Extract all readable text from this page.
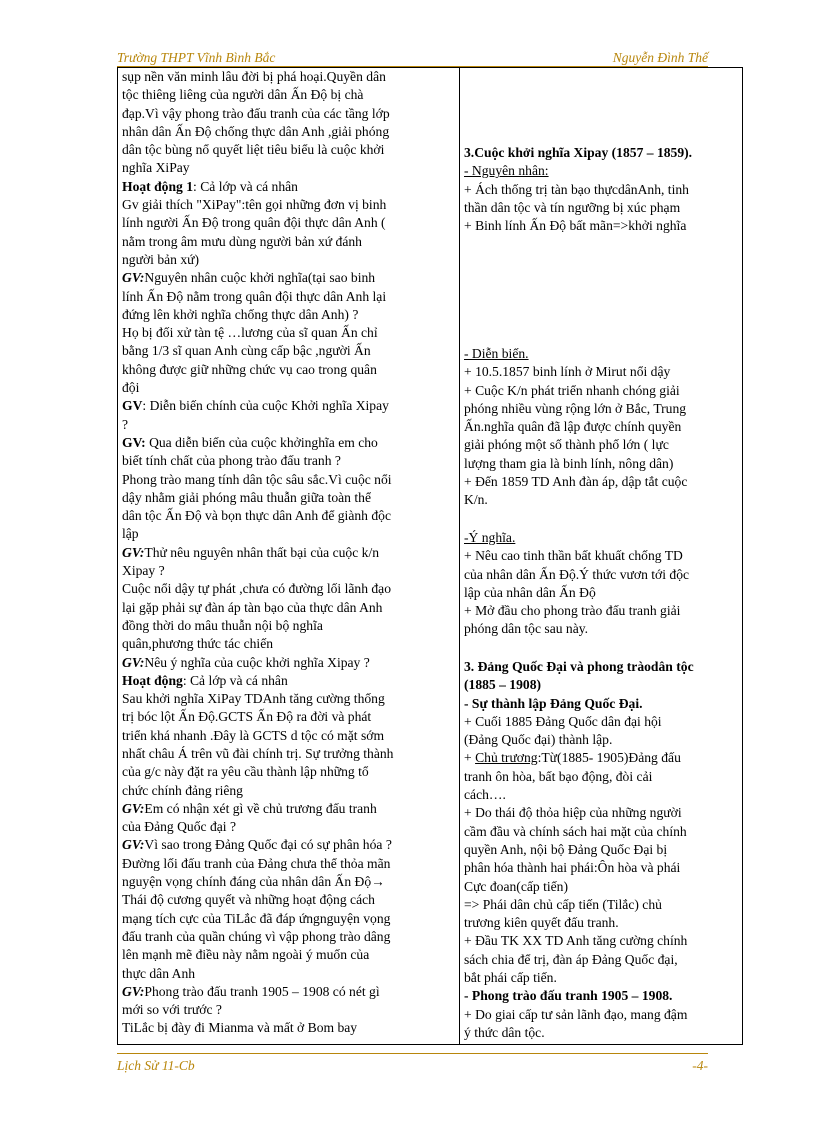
Trường THPT Vĩnh Bình Bắc	Nguyễn Đình Thế
sụp nền văn minh lâu đời bị phá hoại.Quyền dân
tộc thiêng liêng của người dân Ấn Độ bị chà
đạp.Vì vậy phong trào đấu tranh của các tầng lớp
nhân dân Ấn Độ chống thực dân Anh ,giải phóng
dân tộc bùng nổ quyết liệt tiêu biểu là cuộc khởi
nghĩa XiPay
Hoạt động 1: Cả lớp và cá nhân
Gv giải thích "XiPay":tên gọi những đơn vị binh
lính người Ấn Độ trong quân đội thực dân Anh (
nằm trong âm mưu dùng người bản xứ đánh
người bản xứ)
GV:Nguyên nhân cuộc khởi nghĩa(tại sao binh
lính Ấn Độ nằm trong quân đội thực dân Anh lại
đứng lên khởi nghĩa chống thực dân Anh) ?
Họ bị đối xử tàn tệ …lương của sĩ quan Ấn chỉ
bằng 1/3 sĩ quan Anh cùng cấp bậc ,người Ấn
không được giữ những chức vụ cao trong quân
đội
GV: Diễn biến chính của cuộc Khởi nghĩa Xipay
?
GV: Qua diễn biến của cuộc khởinghĩa em cho
biết tính chất của phong trào đấu tranh ?
Phong trào mang tính dân tộc sâu sắc.Vì cuộc nổi
dậy nhằm giải phóng mâu thuẫn giữa toàn thể
dân tộc Ấn Độ và bọn thực dân Anh để giành độc
lập
GV:Thử nêu nguyên nhân thất bại của cuộc k/n
Xipay ?
Cuộc nổi dậy tự phát ,chưa có đường lối lãnh đạo
lại gặp phải sự đàn áp tàn bạo của thực dân Anh
đồng thời do mâu thuẫn nội bộ nghĩa
quân,phương thức tác chiến
GV:Nêu ý nghĩa của cuộc khởi nghĩa Xipay ?
Hoạt động: Cả lớp và cá nhân
Sau khởi nghĩa XiPay TDAnh tăng cường thống
trị bóc lột Ấn Độ.GCTS Ấn Độ ra đời và phát
triển khá nhanh .Đây là GCTS d tộc có mặt sớm
nhất châu Á trên vũ đài chính trị. Sự trưởng thành
của g/c này đặt ra yêu cầu thành lập những tổ
chức chính đảng riêng
GV:Em có nhận xét gì về chủ trương đấu tranh
của Đảng Quốc đại ?
GV:Vì sao trong Đảng Quốc đại có sự phân hóa ?
Đường lối đấu tranh của Đảng chưa thể thỏa mãn
nguyện vọng chính đáng của nhân dân Ấn Độ→
Thái độ cương quyết và những hoạt động cách
mạng tích cực của TiLắc đã đáp ứngnguyện vọng
đấu tranh của quần chúng vì vập phong trào dâng
lên mạnh mẽ điều này nằm ngoài ý muốn của
thực dân Anh
GV:Phong trào đấu tranh 1905 – 1908 có nét gì
mới so với trước ?
TiLắc bị đày đi Mianma và mất ở Bom bay
3.Cuộc khởi nghĩa Xipay (1857 – 1859).
- Nguyên nhân:
+ Ách thống trị tàn bạo thựcdânAnh, tinh
thần dân tộc và tín ngưỡng bị xúc phạm
+ Binh lính Ấn Độ bất mãn=>khởi nghĩa
- Diễn biến.
+ 10.5.1857 binh lính ở Mirut nổi dậy
+ Cuộc K/n phát triển nhanh chóng giải
phóng nhiều vùng rộng lớn ở Bắc, Trung
Ấn.nghĩa quân đã lập được chính quyền
giải phóng một số thành phố lớn ( lực
lượng tham gia là binh lính, nông dân)
+ Đến 1859 TD Anh đàn áp, dập tắt cuộc
K/n.
-Ý nghĩa.
+ Nêu cao tinh thần bất khuất chống TD
của nhân dân Ấn Độ.Ý thức vươn tới độc
lập của nhân dân Ấn Độ
+ Mở đầu cho phong trào đấu tranh giải
phóng dân tộc sau này.
3. Đảng Quốc Đại và phong tràodân tộc
(1885 – 1908)
- Sự thành lập Đảng Quốc Đại.
+ Cuối 1885 Đảng Quốc dân đại hội
(Đảng Quốc đại) thành lập.
+ Chủ trương:Từ(1885- 1905)Đảng đấu
tranh ôn hòa, bất bạo động, đòi cải
cách….
+ Do thái độ thỏa hiệp của những người
cầm đầu và chính sách hai mặt của chính
quyền Anh, nội bộ Đảng Quốc Đại bị
phân hóa thành hai phái:Ôn hòa và phái
Cực đoan(cấp tiến)
=> Phái dân chủ cấp tiến (Tilắc) chủ
trương kiên quyết đấu tranh.
+ Đầu TK XX TD Anh tăng cường chính
sách chia để trị, đàn áp Đảng Quốc đại,
bắt phái cấp tiến.
- Phong trào đấu tranh 1905 – 1908.
+ Do giai cấp tư sản lãnh đạo, mang đậm
ý thức dân tộc.
Lịch Sử 11-Cb	-4-
